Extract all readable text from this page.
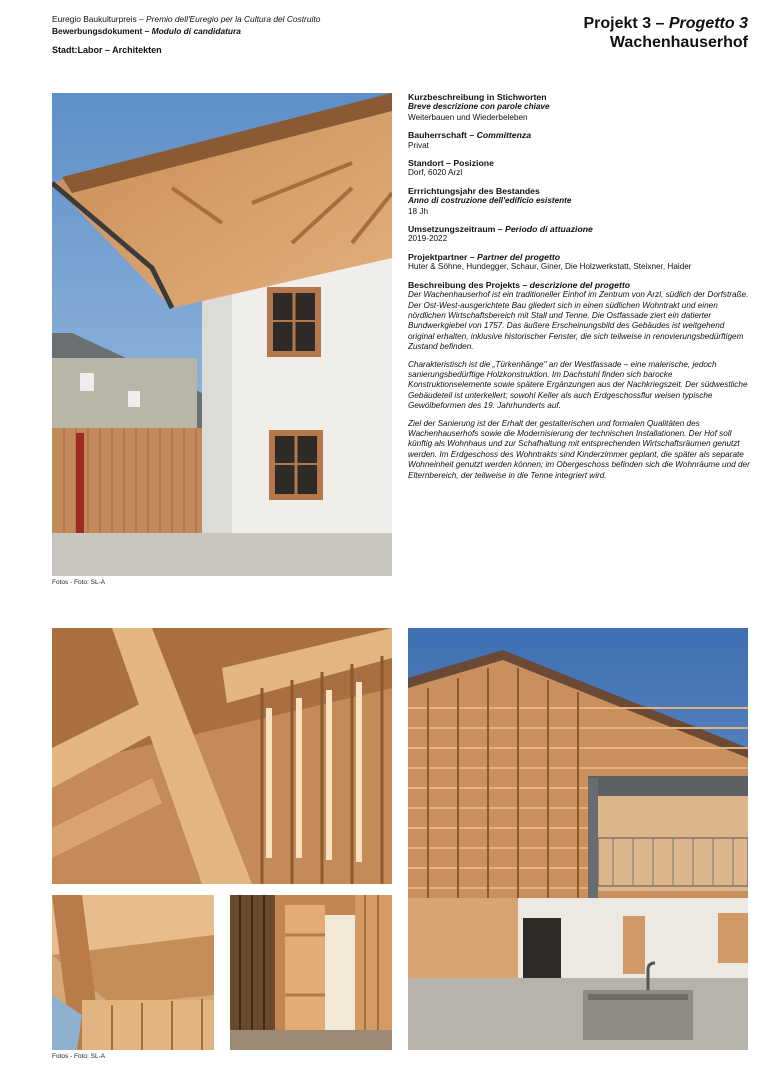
Euregio Baukulturpreis – Premio dell'Euregio per la Cultura del Costruito
Bewerbungsdokument – Modulo di candidatura
Stadt:Labor – Architekten
Projekt 3 – Progetto 3
Wachenhauserhof
Fotos - Foto: SL-A
Kurzbeschreibung in Stichworten
Breve descrizione con parole chiave
Weiterbauen und Wiederbeleben
Bauherrschaft – Committenza
Privat
Standort – Posizione
Dorf, 6020 Arzl
Errrichtungsjahr des Bestandes
Anno di costruzione dell'edificio esistente
18 Jh
Umsetzungszeitraum – Periodo di attuazione
2019-2022
Projektpartner – Partner del progetto
Huter & Söhne, Hundegger, Schaur, Giner, Die Holzwerkstatt, Steixner, Haider
Beschreibung des Projekts – descrizione del progetto

Der Wachenhauserhof ist ein traditioneller Einhof im Zentrum von Arzl, südlich der Dorfstraße. Der Ost-West-ausgerichtete Bau gliedert sich in einen südlichen Wohntrakt und einen nördlichen Wirtschaftsbereich mit Stall und Tenne. Die Ostfassade ziert ein datierter Bundwerkgiebel von 1757. Das äußere Erscheinungsbild des Gebäudes ist weitgehend original erhalten, inklusive historischer Fenster, die sich teilweise in renovierungsbedürftigem Zustand befinden.

Charakteristisch ist die „Türkenhänge" an der Westfassade – eine malerische, jedoch sanierungsbedürftige Holzkonstruktion. Im Dachstuhl finden sich barocke Konstruktionselemente sowie spätere Ergänzungen aus der Nachkriegszeit. Der südwestliche Gebäudeteil ist unterkellert; sowohl Keller als auch Erdgeschossflur weisen typische Gewölbeformen des 19. Jahrhunderts auf.

Ziel der Sanierung ist der Erhalt der gestalterischen und formalen Qualitäten des Wachenhauserhofs sowie die Modernisierung der technischen Installationen. Der Hof soll künftig als Wohnhaus und zur Schafhaltung mit entsprechenden Wirtschaftsräumen genutzt werden. Im Erdgeschoss des Wohntrakts sind Kinderzimmer geplant, die später als separate Wohneinheit genutzt werden können; im Obergeschoss befinden sich die Wohnräume und der Elternbereich, der teilweise in die Tenne integriert wird.

Fotos - Foto: SL-A
